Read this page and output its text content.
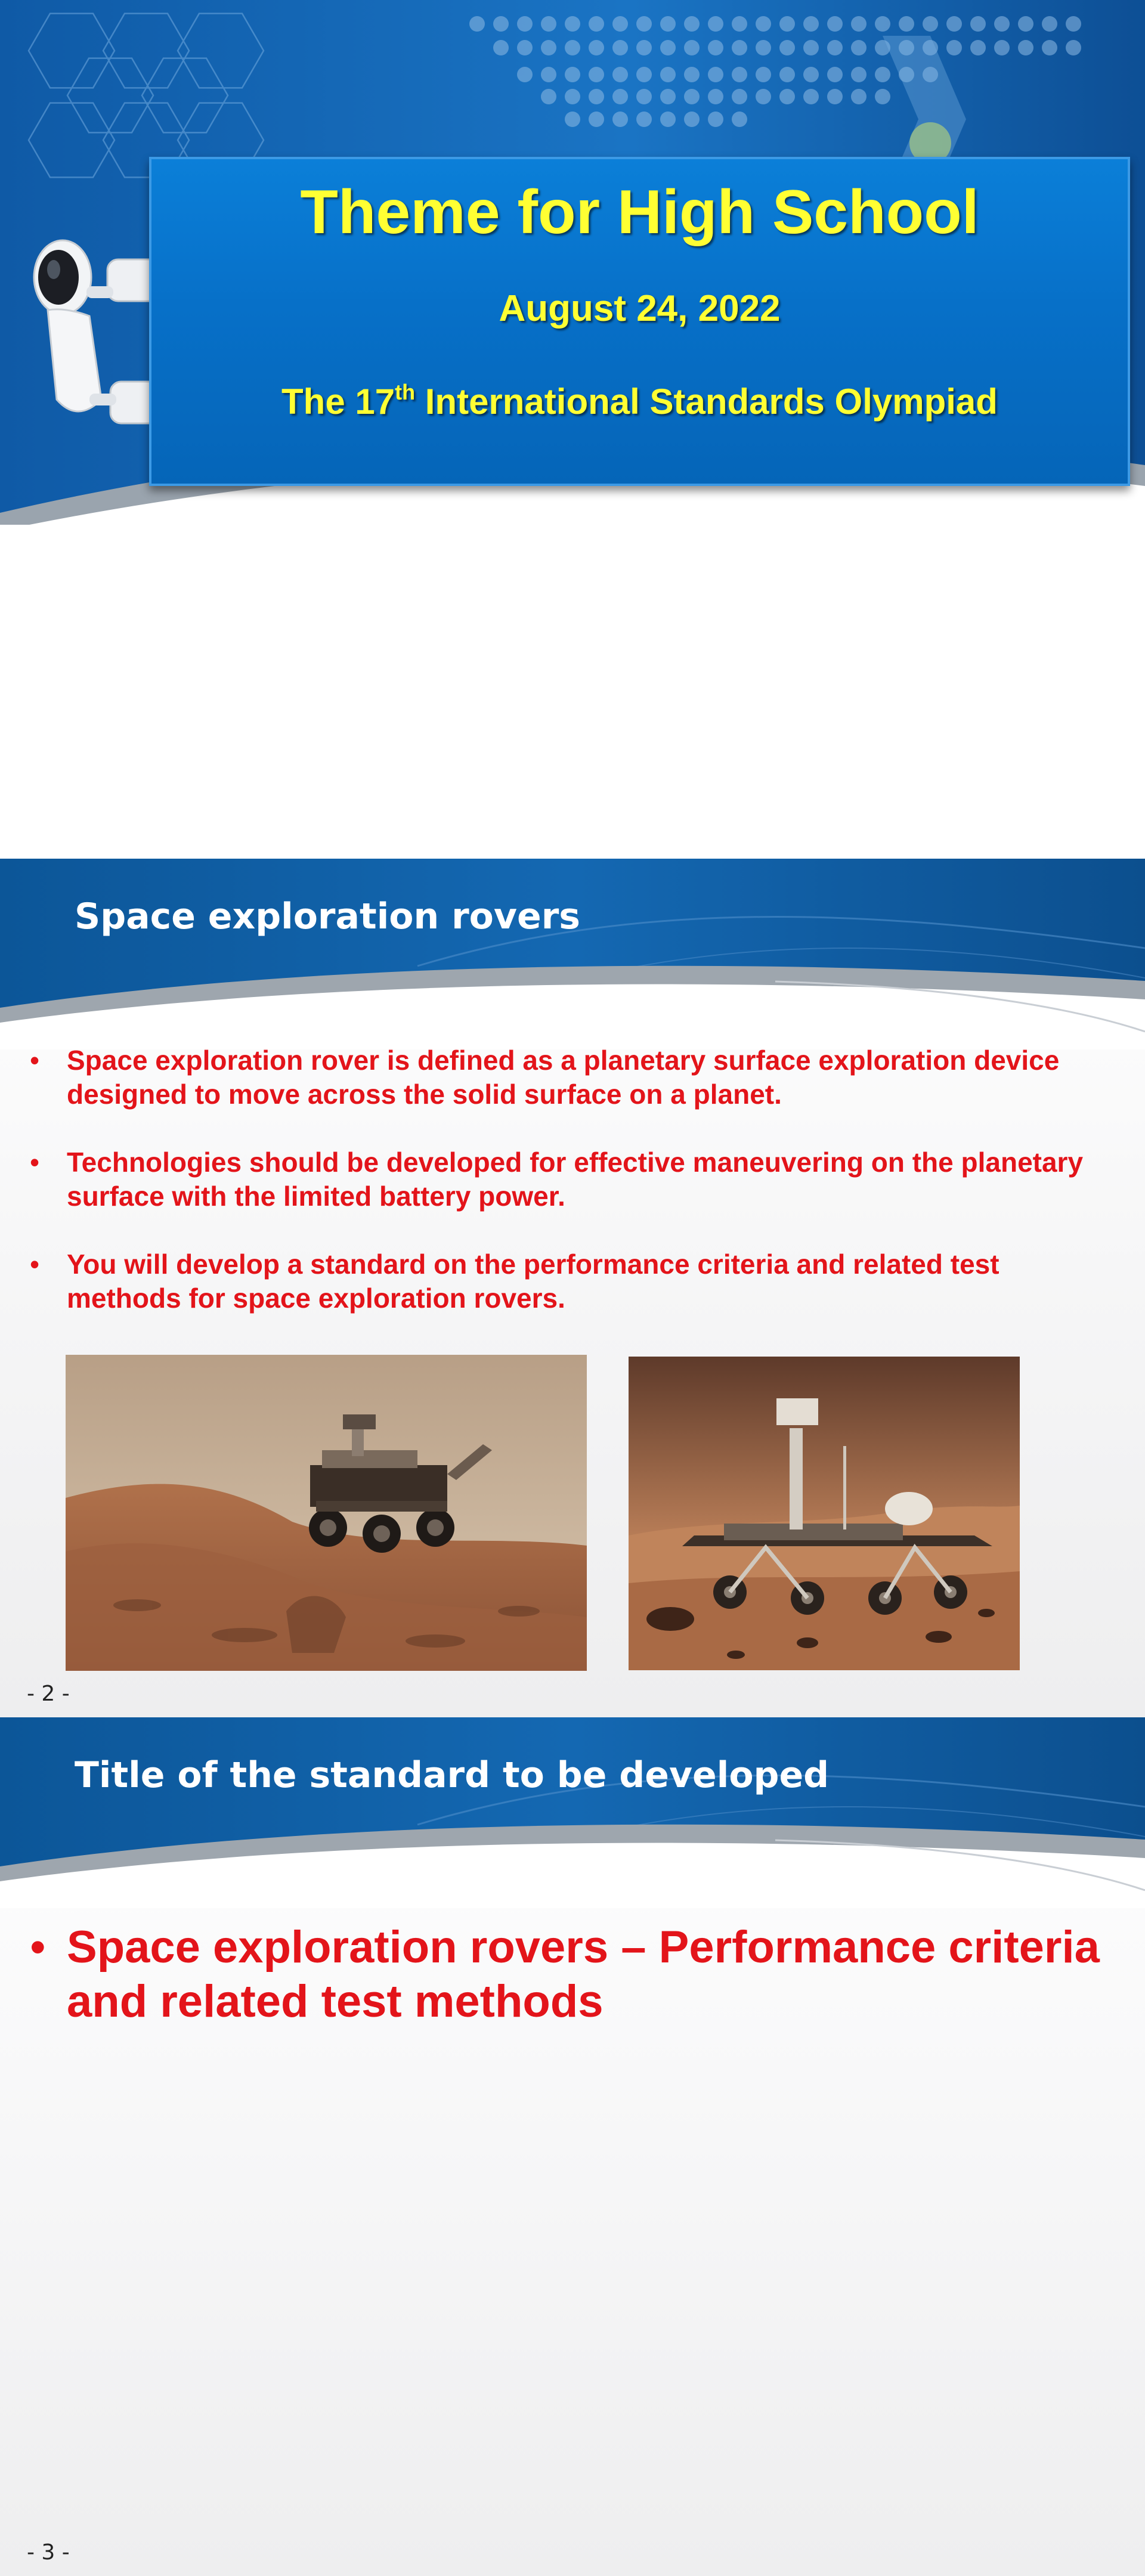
Theme for High School
August 24, 2022
The 17th International Standards Olympiad
Space exploration rovers
• Space exploration rover is defined as a planetary surface exploration device designed to move across the solid surface on a planet.
• Technologies should be developed for effective maneuvering on the planetary surface with the limited battery power.
• You will develop a standard on the performance criteria and related test methods for space exploration rovers.
- 2 -
Title of the standard to be developed
• Space exploration rovers – Performance criteria and related test methods
- 3 -
